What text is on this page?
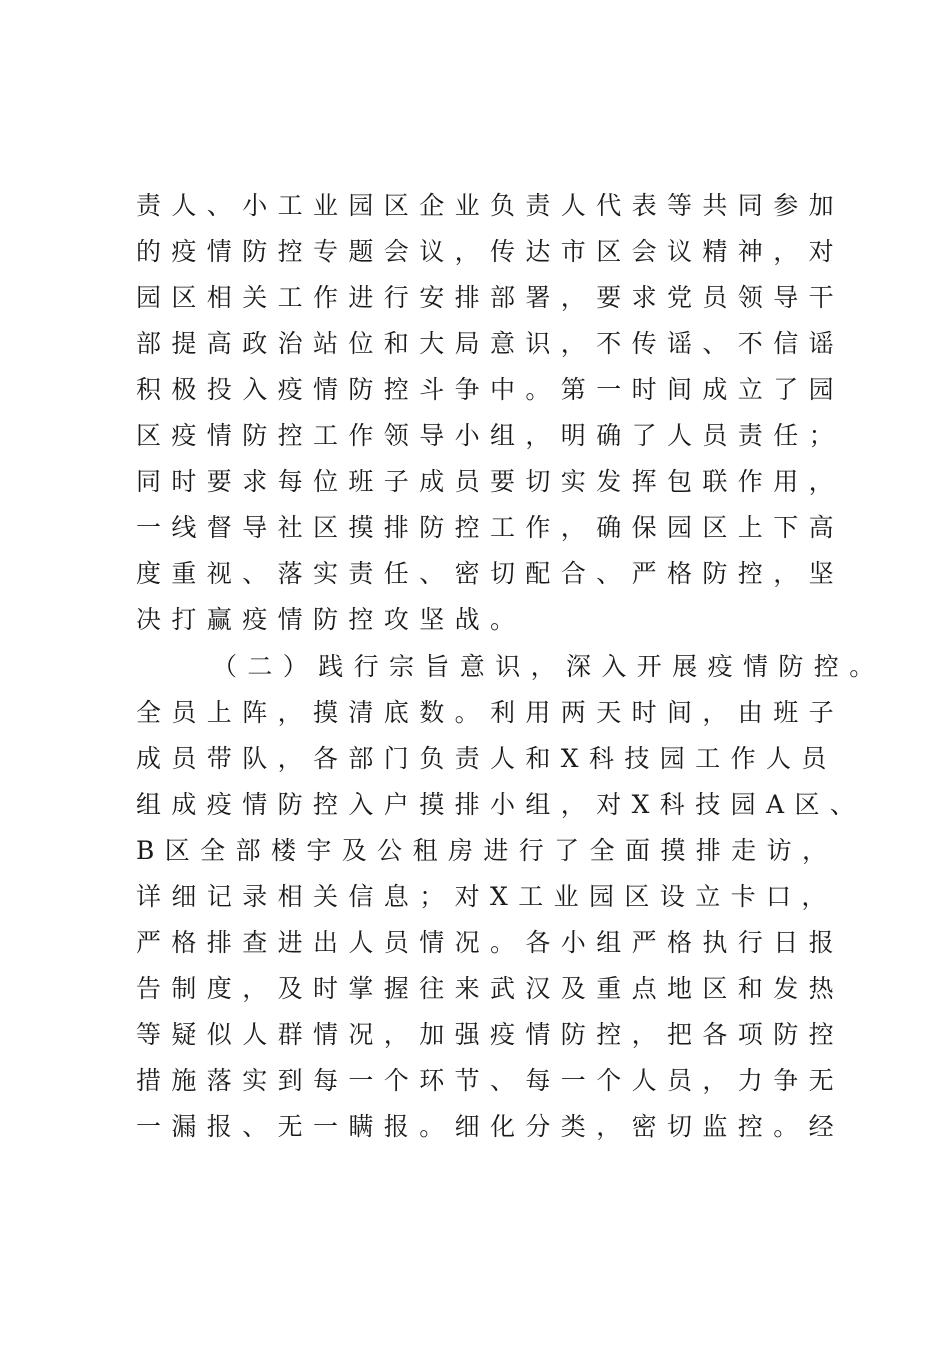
责人、小工业园区企业负责人代表等共同参加
的疫情防控专题会议，传达市区会议精神，对
园区相关工作进行安排部署，要求党员领导干
部提高政治站位和大局意识，不传谣、不信谣
积极投入疫情防控斗争中。第一时间成立了园
区疫情防控工作领导小组，明确了人员责任；
同时要求每位班子成员要切实发挥包联作用，
一线督导社区摸排防控工作，确保园区上下高
度重视、落实责任、密切配合、严格防控，坚
决打赢疫情防控攻坚战。
（二）践行宗旨意识，深入开展疫情防控。
全员上阵，摸清底数。利用两天时间，由班子
成员带队，各部门负责人和X科技园工作人员
组成疫情防控入户摸排小组，对X科技园A区、
B区全部楼宇及公租房进行了全面摸排走访，
详细记录相关信息；对X工业园区设立卡口，
严格排查进出人员情况。各小组严格执行日报
告制度，及时掌握往来武汉及重点地区和发热
等疑似人群情况，加强疫情防控，把各项防控
措施落实到每一个环节、每一个人员，力争无
一漏报、无一瞒报。细化分类，密切监控。经
